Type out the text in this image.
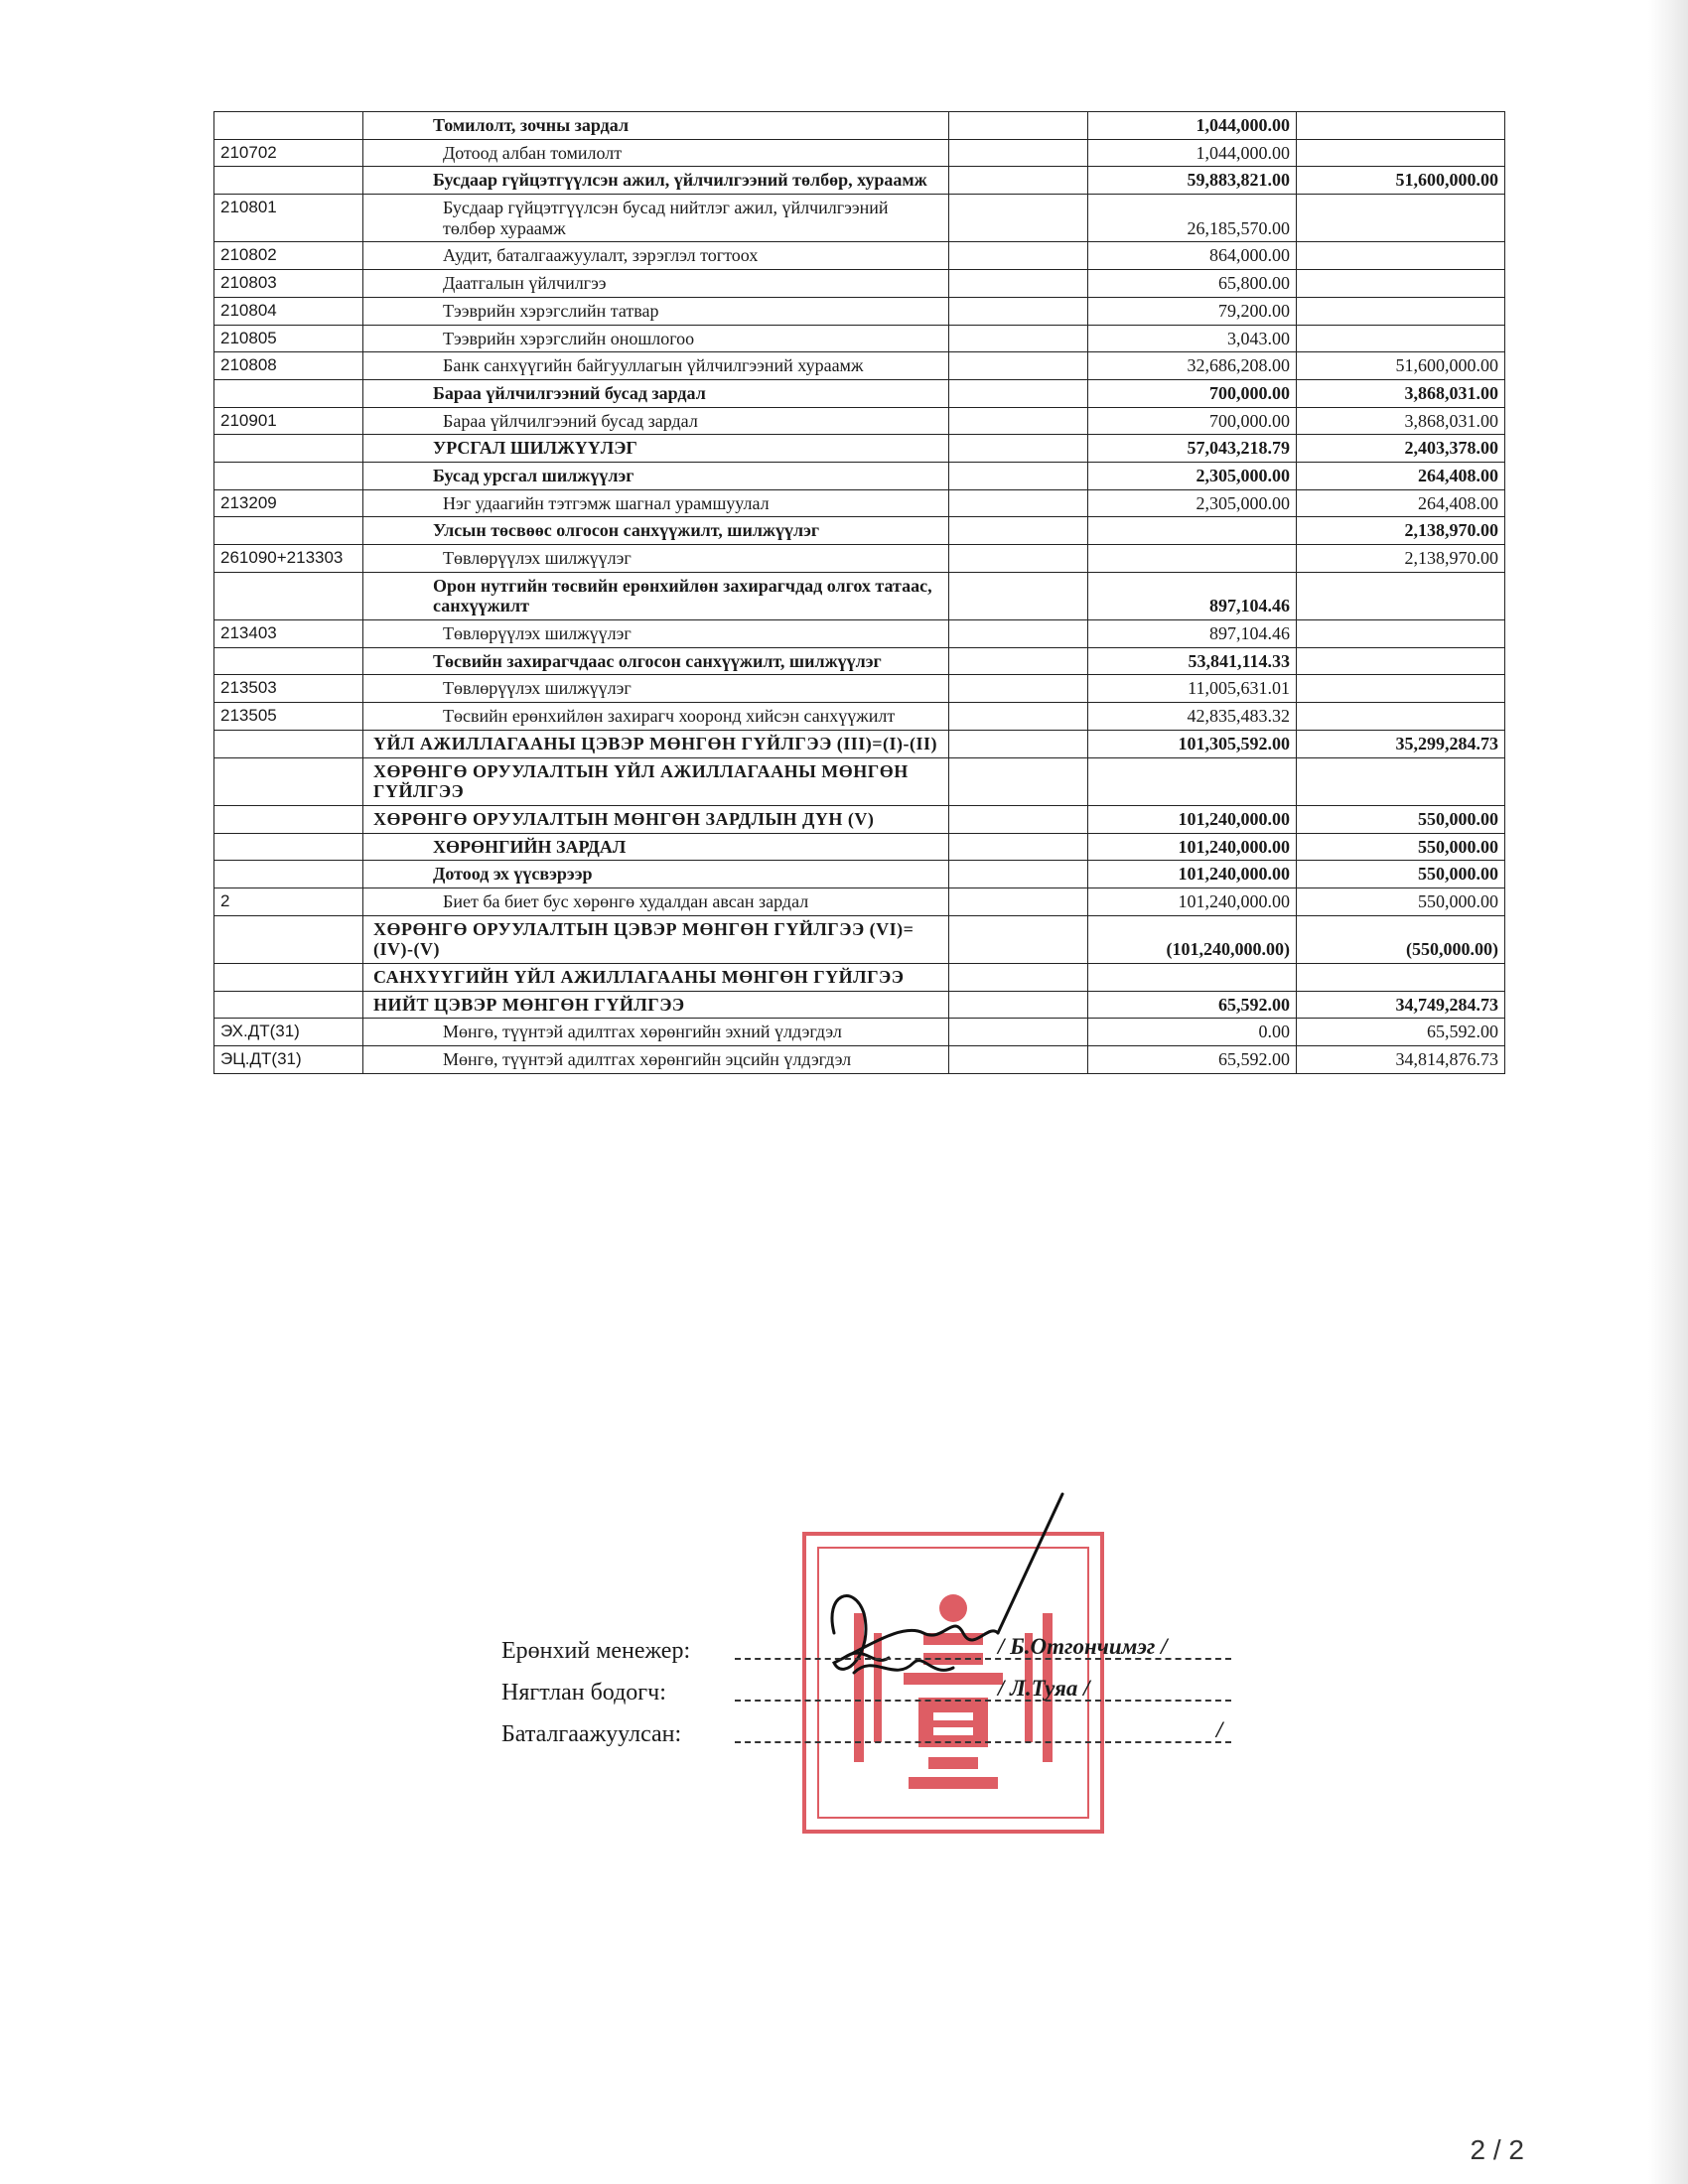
	Томилолт, зочны зардал		1,044,000.00	
210702	Дотоод албан томилолт		1,044,000.00	
	Бусдаар гүйцэтгүүлсэн ажил, үйлчилгээний төлбөр, хураамж		59,883,821.00	51,600,000.00
210801	Бусдаар гүйцэтгүүлсэн бусад нийтлэг ажил, үйлчилгээний төлбөр хураамж		26,185,570.00	
210802	Аудит, баталгаажуулалт, зэрэглэл тогтоох		864,000.00	
210803	Даатгалын үйлчилгээ		65,800.00	
210804	Тээврийн хэрэгслийн татвар		79,200.00	
210805	Тээврийн хэрэгслийн оношлогоо		3,043.00	
210808	Банк санхүүгийн байгууллагын үйлчилгээний хураамж		32,686,208.00	51,600,000.00
	Бараа үйлчилгээний бусад зардал		700,000.00	3,868,031.00
210901	Бараа үйлчилгээний бусад зардал		700,000.00	3,868,031.00
	УРСГАЛ ШИЛЖҮҮЛЭГ		57,043,218.79	2,403,378.00
	Бусад урсгал шилжүүлэг		2,305,000.00	264,408.00
213209	Нэг удаагийн тэтгэмж шагнал урамшуулал		2,305,000.00	264,408.00
	Улсын төсвөөс олгосон санхүүжилт, шилжүүлэг			2,138,970.00
261090+213303	Төвлөрүүлэх шилжүүлэг			2,138,970.00
	Орон нутгийн төсвийн ерөнхийлөн захирагчдад олгох татаас, санхүүжилт		897,104.46	
213403	Төвлөрүүлэх шилжүүлэг		897,104.46	
	Төсвийн захирагчдаас олгосон санхүүжилт, шилжүүлэг		53,841,114.33	
213503	Төвлөрүүлэх шилжүүлэг		11,005,631.01	
213505	Төсвийн ерөнхийлөн захирагч хооронд хийсэн санхүүжилт		42,835,483.32	
	ҮЙЛ АЖИЛЛАГААНЫ ЦЭВЭР МӨНГӨН ГҮЙЛГЭЭ (III)=(I)-(II)		101,305,592.00	35,299,284.73
	ХӨРӨНГӨ ОРУУЛАЛТЫН ҮЙЛ АЖИЛЛАГААНЫ МӨНГӨН ГҮЙЛГЭЭ			
	ХӨРӨНГӨ ОРУУЛАЛТЫН МӨНГӨН ЗАРДЛЫН ДҮН (V)		101,240,000.00	550,000.00
	ХӨРӨНГИЙН ЗАРДАЛ		101,240,000.00	550,000.00
	Дотоод эх үүсвэрээр		101,240,000.00	550,000.00
2	Биет ба биет бус хөрөнгө худалдан авсан зардал		101,240,000.00	550,000.00
	ХӨРӨНГӨ ОРУУЛАЛТЫН ЦЭВЭР МӨНГӨН ГҮЙЛГЭЭ (VI)=(IV)-(V)		(101,240,000.00)	(550,000.00)
	САНХҮҮГИЙН ҮЙЛ АЖИЛЛАГААНЫ МӨНГӨН ГҮЙЛГЭЭ			
	НИЙТ ЦЭВЭР МӨНГӨН ГҮЙЛГЭЭ		65,592.00	34,749,284.73
ЭХ.ДТ(31)	Мөнгө, түүнтэй адилтгах хөрөнгийн эхний үлдэгдэл		0.00	65,592.00
ЭЦ.ДТ(31)	Мөнгө, түүнтэй адилтгах хөрөнгийн эцсийн үлдэгдэл		65,592.00	34,814,876.73
Ерөнхий менежер:	/ Б.Отгончимэг /
Нягтлан бодогч:	/ Л.Туяа /
Баталгаажуулсан:	/
2 / 2
